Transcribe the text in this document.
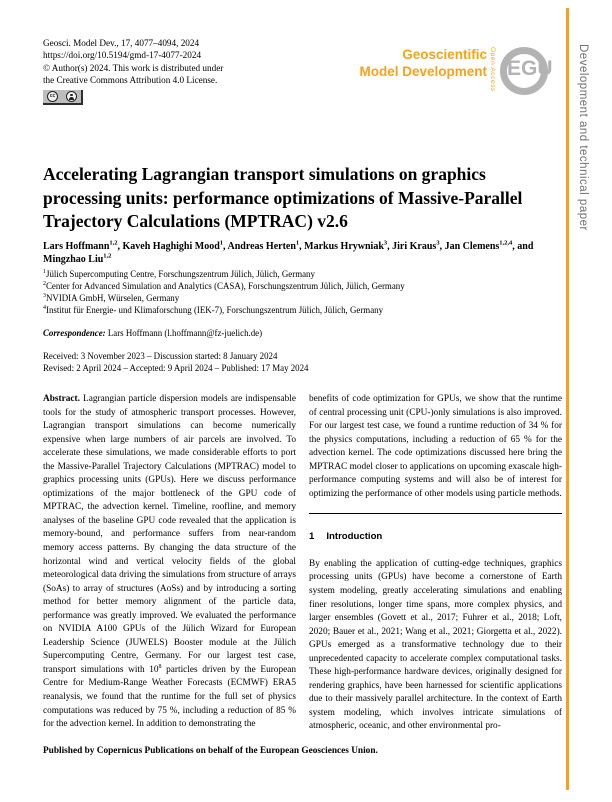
Geosci. Model Dev., 17, 4077–4094, 2024
https://doi.org/10.5194/gmd-17-4077-2024
© Author(s) 2024. This work is distributed under
the Creative Commons Attribution 4.0 License.
cc
Geoscientific
Model Development Open Access EGU Development and technical paper
Accelerating Lagrangian transport simulations on graphics processing units: performance optimizations of Massive-Parallel Trajectory Calculations (MPTRAC) v2.6
Lars Hoffmann$^{1,2}$, Kaveh Haghighi Mood$^1$, Andreas Herten$^1$, Markus Hrywniak$^3$, Jiri Kraus$^3$, Jan Clemens$^{1,2,4}$, and Mingzhao Liu$^{1,2}$
$^1$Jülich Supercomputing Centre, Forschungszentrum Jülich, Jülich, Germany
$^2$Center for Advanced Simulation and Analytics (CASA), Forschungszentrum Jülich, Jülich, Germany
$^3$NVIDIA GmbH, Würselen, Germany
$^4$Institut für Energie- und Klimaforschung (IEK-7), Forschungszentrum Jülich, Jülich, Germany
Correspondence: Lars Hoffmann (l.hoffmann@fz-juelich.de)
Received: 3 November 2023 – Discussion started: 8 January 2024
Revised: 2 April 2024 – Accepted: 9 April 2024 – Published: 17 May 2024
Abstract. Lagrangian particle dispersion models are indispensable tools for the study of atmospheric transport processes. However, Lagrangian transport simulations can become numerically expensive when large numbers of air parcels are involved. To accelerate these simulations, we made considerable efforts to port the Massive-Parallel Trajectory Calculations (MPTRAC) model to graphics processing units (GPUs). Here we discuss performance optimizations of the major bottleneck of the GPU code of MPTRAC, the advection kernel. Timeline, roofline, and memory analyses of the baseline GPU code revealed that the application is memory-bound, and performance suffers from near-random memory access patterns. By changing the data structure of the horizontal wind and vertical velocity fields of the global meteorological data driving the simulations from structure of arrays (SoAs) to array of structures (AoSs) and by introducing a sorting method for better memory alignment of the particle data, performance was greatly improved. We evaluated the performance on NVIDIA A100 GPUs of the Jülich Wizard for European Leadership Science (JUWELS) Booster module at the Jülich Supercomputing Centre, Germany. For our largest test case, transport simulations with $10^8$ particles driven by the European Centre for Medium-Range Weather Forecasts (ECMWF) ERA5 reanalysis, we found that the runtime for the full set of physics computations was reduced by 75 %, including a reduction of 85 % for the advection kernel. In addition to demonstrating the
benefits of code optimization for GPUs, we show that the runtime of central processing unit (CPU-)only simulations is also improved. For our largest test case, we found a runtime reduction of 34 % for the physics computations, including a reduction of 65 % for the advection kernel. The code optimizations discussed here bring the MPTRAC model closer to applications on upcoming exascale high-performance computing systems and will also be of interest for optimizing the performance of other models using particle methods.
1 Introduction
By enabling the application of cutting-edge techniques, graphics processing units (GPUs) have become a cornerstone of Earth system modeling, greatly accelerating simulations and enabling finer resolutions, longer time spans, more complex physics, and larger ensembles (Govett et al., 2017; Fuhrer et al., 2018; Loft, 2020; Bauer et al., 2021; Wang et al., 2021; Giorgetta et al., 2022). GPUs emerged as a transformative technology due to their unprecedented capacity to accelerate complex computational tasks. These high-performance hardware devices, originally designed for rendering graphics, have been harnessed for scientific applications due to their massively parallel architecture. In the context of Earth system modeling, which involves intricate simulations of atmospheric, oceanic, and other environmental pro-
Published by Copernicus Publications on behalf of the European Geosciences Union.
